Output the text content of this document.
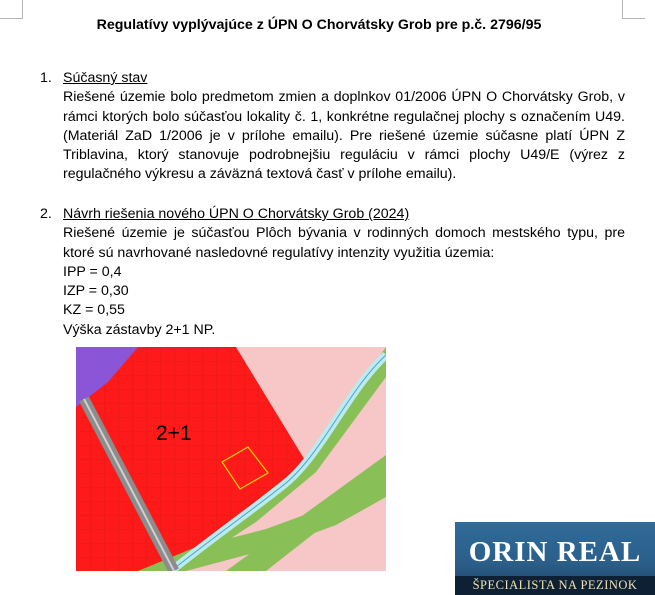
Regulatívy vyplývajúce z ÚPN O Chorvátsky Grob pre p.č. 2796/95
1. Súčasný stav
Riešené územie bolo predmetom zmien a doplnkov 01/2006 ÚPN O Chorvátsky Grob, v rámci ktorých bolo súčasťou lokality č. 1, konkrétne regulačnej plochy s označením U49. (Materiál ZaD 1/2006 je v prílohe emailu). Pre riešené územie súčasne platí ÚPN Z Triblavina, ktorý stanovuje podrobnejšiu reguláciu v rámci plochy U49/E (výrez z regulačného výkresu a záväzná textová časť v prílohe emailu).
2. Návrh riešenia nového ÚPN O Chorvátsky Grob (2024)
Riešené územie je súčasťou Plôch bývania v rodinných domoch mestského typu, pre ktoré sú navrhované nasledovné regulatívy intenzity využitia územia:
IPP = 0,4
IZP = 0,30
KZ = 0,55
Výška zástavby 2+1 NP.
2+1
ORIN REAL
ŠPECIALISTA NA PEZINOK
